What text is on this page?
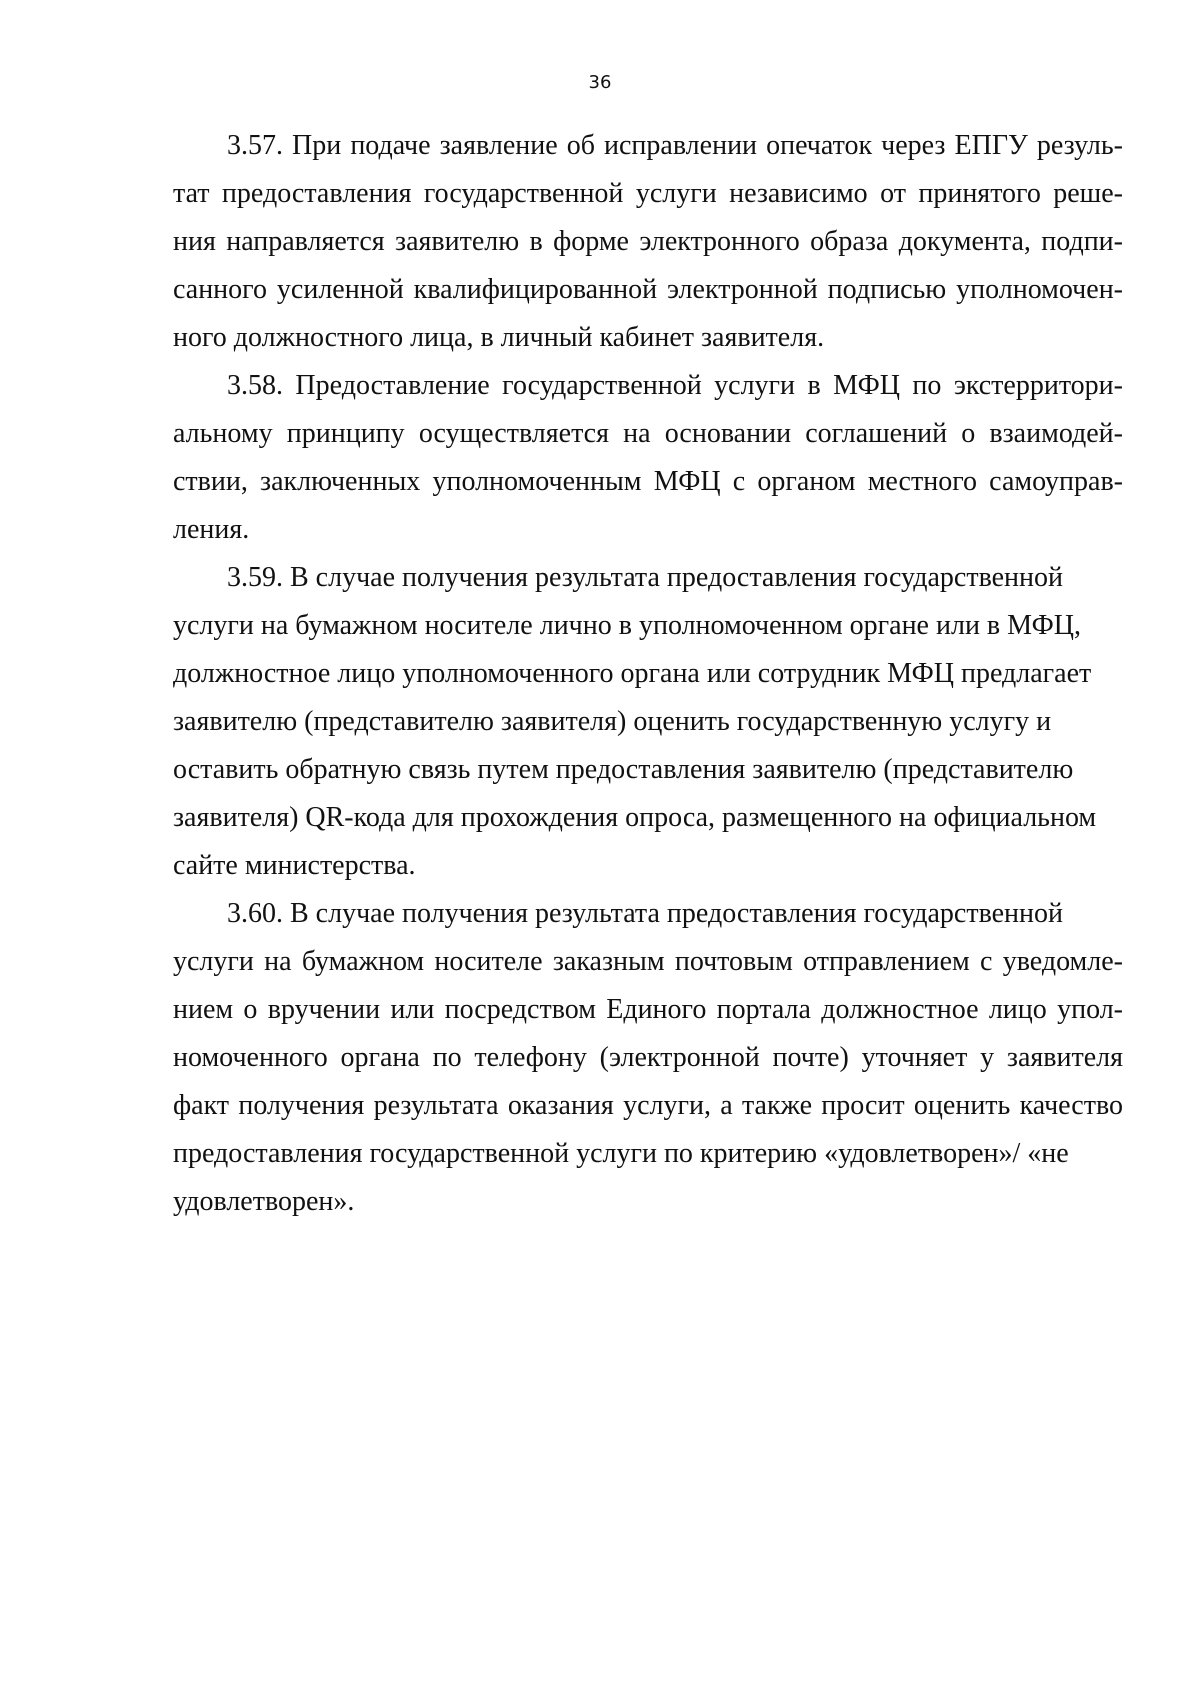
36
3.57. При подаче заявление об исправлении опечаток через ЕПГУ резуль-
тат предоставления государственной услуги независимо от принятого реше-
ния направляется заявителю в форме электронного образа документа, подпи-
санного усиленной квалифицированной электронной подписью уполномочен-
ного должностного лица, в личный кабинет заявителя.
3.58. Предоставление государственной услуги в МФЦ по экстерритори-
альному принципу осуществляется на основании соглашений о взаимодей-
ствии, заключенных уполномоченным МФЦ с органом местного самоуправ-
ления.
3.59. В случае получения результата предоставления государственной
услуги на бумажном носителе лично в уполномоченном органе или в МФЦ,
должностное лицо уполномоченного органа или сотрудник МФЦ предлагает
заявителю (представителю заявителя) оценить государственную услугу и
оставить обратную связь путем предоставления заявителю (представителю
заявителя) QR-кода для прохождения опроса, размещенного на официальном
сайте министерства.
3.60. В случае получения результата предоставления государственной
услуги на бумажном носителе заказным почтовым отправлением с уведомле-
нием о вручении или посредством Единого портала должностное лицо упол-
номоченного органа по телефону (электронной почте) уточняет у заявителя
факт получения результата оказания услуги, а также просит оценить качество
предоставления государственной услуги по критерию «удовлетворен»/ «не
удовлетворен».
